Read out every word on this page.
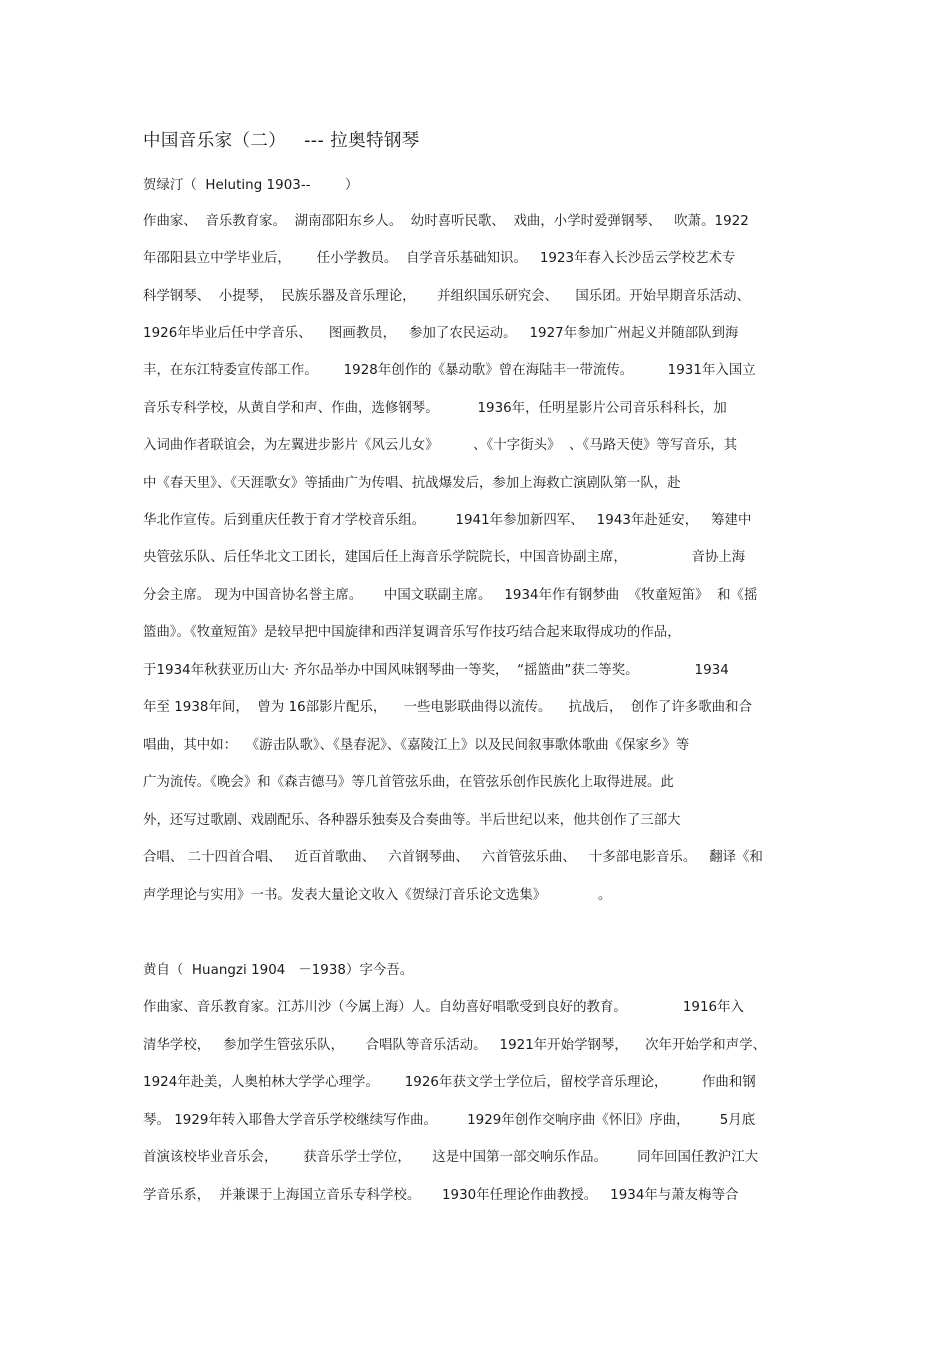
中国音乐家（二）   --- 拉奥特钢琴
贺绿汀（  Heluting 1903--        ）
作曲家、  音乐教育家。  湖南邵阳东乡人。  幼时喜听民歌、  戏曲，小学时爱弹钢琴、   吹萧。1922
年邵阳县立中学毕业后，      任小学教员。  自学音乐基础知识。   1923年春入长沙岳云学校艺术专
科学钢琴、  小提琴，  民族乐器及音乐理论，     并组织国乐研究会、    国乐团。开始早期音乐活动、
1926年毕业后任中学音乐、    图画教员，   参加了农民运动。   1927年参加广州起义并随部队到海
丰，在东江特委宣传部工作。      1928年创作的《暴动歌》曾在海陆丰一带流传。        1931年入国立
音乐专科学校，从黄自学和声、作曲，选修钢琴。         1936年，任明星影片公司音乐科科长，加
入词曲作者联谊会，为左翼进步影片《风云儿女》        、《十字街头》  、《马路天使》等写音乐，其
中《春天里》、《天涯歌女》等插曲广为传唱、抗战爆发后，参加上海救亡演剧队第一队，赴
华北作宣传。后到重庆任教于育才学校音乐组。       1941年参加新四军、   1943年赴延安，   筹建中
央管弦乐队、后任华北文工团长，建国后任上海音乐学院院长，中国音协副主席，               音协上海
分会主席。 现为中国音协名誉主席。     中国文联副主席。   1934年作有钢梦曲  《牧童短笛》  和《摇
篮曲》。《牧童短笛》是较早把中国旋律和西洋复调音乐写作技巧结合起来取得成功的作品，
于1934年秋获亚历山大· 齐尔品举办中国风味钢琴曲一等奖，  “摇篮曲”获二等奖。             1934
年至 1938年间，  曾为 16部影片配乐，    一些电影联曲得以流传。    抗战后，  创作了许多歌曲和合
唱曲，其中如：  《游击队歌》、《垦春泥》、《嘉陵江上》以及民间叙事歌体歌曲《保家乡》等
广为流传。《晚会》和《森吉德马》等几首管弦乐曲，在管弦乐创作民族化上取得进展。此
外，还写过歌剧、戏剧配乐、各种器乐独奏及合奏曲等。半后世纪以来，他共创作了三部大
合唱、 二十四首合唱、   近百首歌曲、   六首钢琴曲、   六首管弦乐曲、   十多部电影音乐。   翻译《和
声学理论与实用》一书。发表大量论文收入《贺绿汀音乐论文选集》            。
黄自（  Huangzi 1904   －1938）字今吾。
作曲家、音乐教育家。江苏川沙（今属上海）人。自幼喜好唱歌受到良好的教育。             1916年入
清华学校，   参加学生管弦乐队，     合唱队等音乐活动。   1921年开始学钢琴，    次年开始学和声学、
1924年赴美，人奥柏林大学学心理学。      1926年获文学士学位后，留校学音乐理论，        作曲和钢
琴。 1929年转入耶鲁大学音乐学校继续写作曲。       1929年创作交响序曲《怀旧》序曲，       5月底
首演该校毕业音乐会，      获音乐学士学位，     这是中国第一部交响乐作品。       同年回国任教沪江大
学音乐系，  并兼课于上海国立音乐专科学校。     1930年任理论作曲教授。   1934年与萧友梅等合
